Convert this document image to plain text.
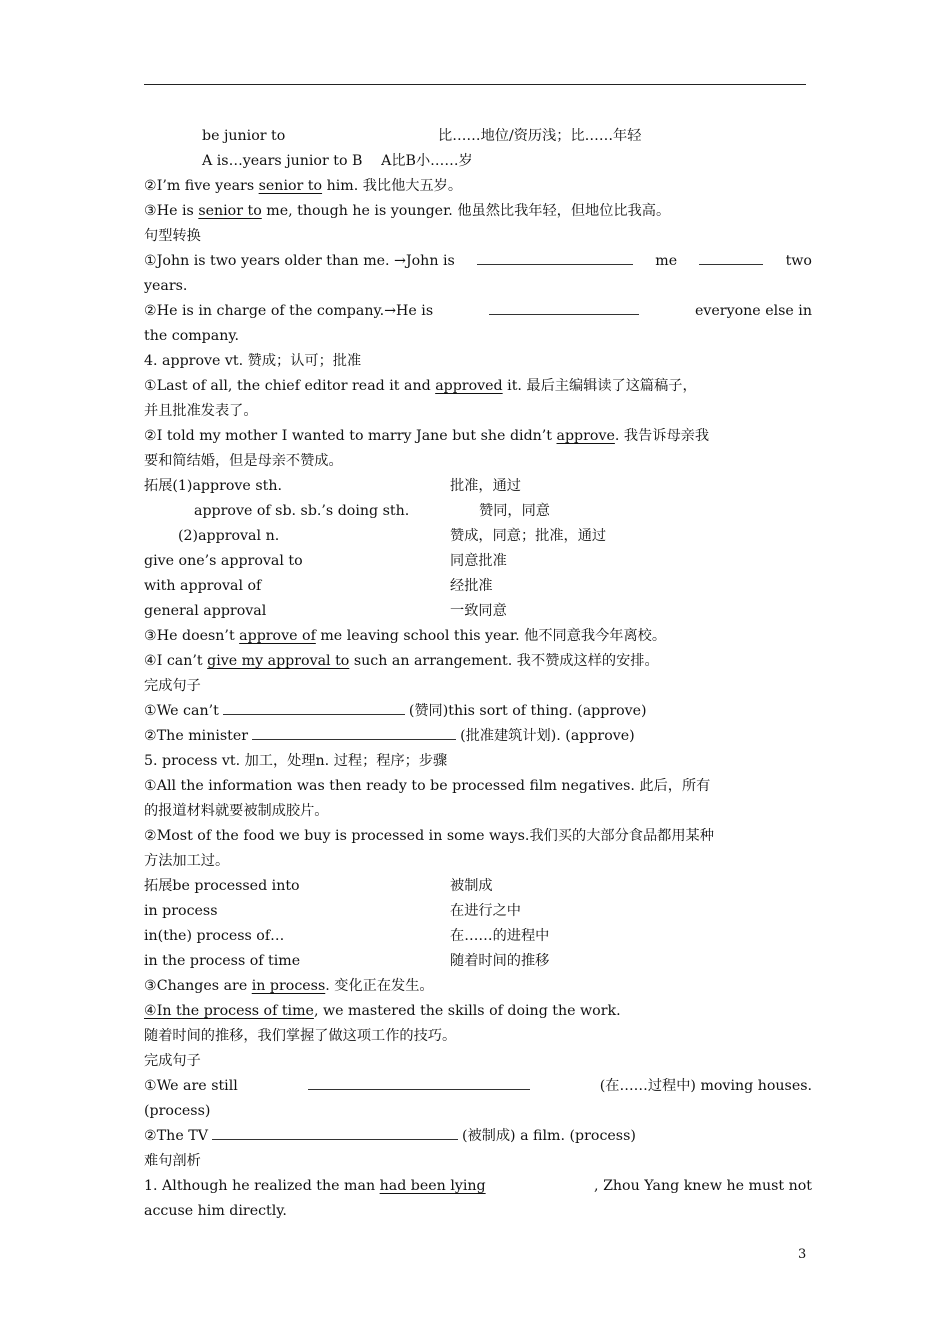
be junior to	比……地位/资历浅；比……年轻
A is…years junior to B　 A比B小……岁
②I’m five years senior to him. 我比他大五岁。
③He is senior to me, though he is younger. 他虽然比我年轻，但地位比我高。
句型转换
①John is two years older than me. →John is	me	two
years.
②He is in charge of the company.→He is	everyone else in
the company.
4. approve vt. 赞成；认可；批准
①Last of all, the chief editor read it and approved it. 最后主编辑读了这篇稿子，
并且批准发表了。
②I told my mother I wanted to marry Jane but she didn’t approve. 我告诉母亲我
要和简结婚，但是母亲不赞成。
拓展(1)approve sth.	批准，通过
approve of sb. sb.’s doing sth.	赞同，同意
(2)approval n.	赞成，同意；批准，通过
give one’s approval to	同意批准
with approval of	经批准
general approval	一致同意
③He doesn’t approve of me leaving school this year. 他不同意我今年离校。
④I can’t give my approval to such an arrangement. 我不赞成这样的安排。
完成句子
①We can’t	(赞同)this sort of thing. (approve)
②The minister	(批准建筑计划). (approve)
5. process vt. 加工，处理n. 过程；程序；步骤
①All the information was then ready to be processed film negatives. 此后，所有
的报道材料就要被制成胶片。
②Most of the food we buy is processed in some ways.我们买的大部分食品都用某种
方法加工过。
拓展be processed into	被制成
in process	在进行之中
in(the) process of…	在……的进程中
in the process of time	随着时间的推移
③Changes are in process. 变化正在发生。
④In the process of time, we mastered the skills of doing the work.
随着时间的推移，我们掌握了做这项工作的技巧。
完成句子
①We are still	(在……过程中) moving houses.
(process)
②The TV	(被制成) a film. (process)
难句剖析
1. Although he realized the man had been lying	, Zhou Yang knew he must not
accuse him directly.
3
